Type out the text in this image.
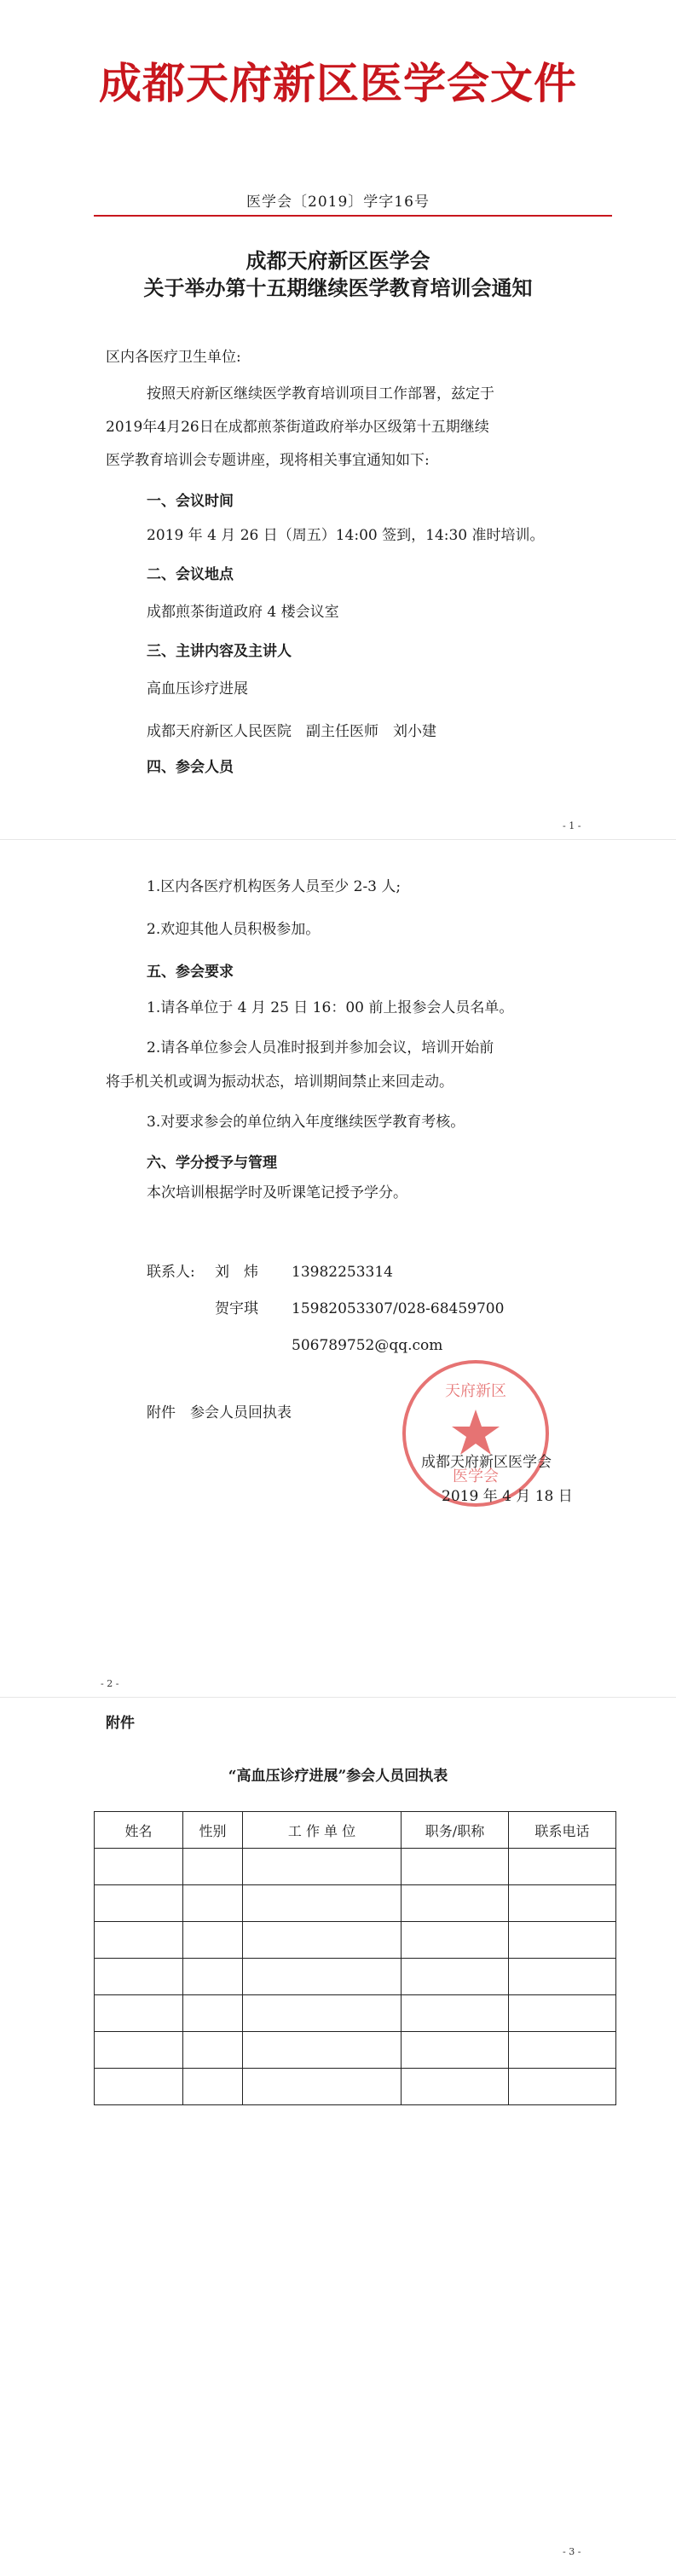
成都天府新区医学会文件
医学会〔2019〕学字16号
成都天府新区医学会
关于举办第十五期继续医学教育培训会通知
区内各医疗卫生单位:
按照天府新区继续医学教育培训项目工作部署，兹定于
2019年4月26日在成都煎茶街道政府举办区级第十五期继续
医学教育培训会专题讲座，现将相关事宜通知如下:
一、会议时间
2019 年 4 月 26 日（周五）14:00 签到，14:30 准时培训。
二、会议地点
成都煎茶街道政府 4 楼会议室
三、主讲内容及主讲人
高血压诊疗进展
成都天府新区人民医院　副主任医师　刘小建
四、参会人员
- 1 -
1.区内各医疗机构医务人员至少 2-3 人;
2.欢迎其他人员积极参加。
五、参会要求
1.请各单位于 4 月 25 日 16：00 前上报参会人员名单。
2.请各单位参会人员准时报到并参加会议，培训开始前
将手机关机或调为振动状态，培训期间禁止来回走动。
3.对要求参会的单位纳入年度继续医学教育考核。
六、学分授予与管理
本次培训根据学时及听课笔记授予学分。
联系人: 刘　炜 13982253314
贺宇琪 15982053307/028-68459700
506789752@qq.com
附件　参会人员回执表
天府新区
医学会
成都天府新区医学会
2019 年 4 月 18 日
- 2 -
附件
“高血压诊疗进展”参会人员回执表
姓名	性别	工 作 单 位	职务/职称	联系电话

- 3 -
